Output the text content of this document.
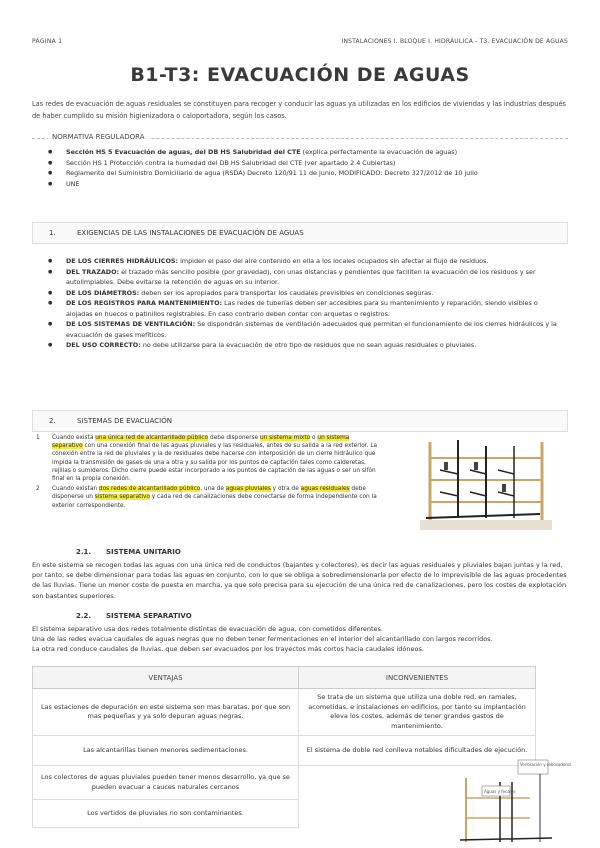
PÁGINA 1	INSTALACIONES I. BLOQUE I. HIDRÁULICA - T3. EVACUACIÓN DE AGUAS
B1-T3: EVACUACIÓN DE AGUAS
Las redes de evacuación de aguas residuales se constituyen para recoger y conducir las aguas ya utilizadas en los edificios de viviendas y las industrias después de haber cumplido su misión higienizadora o caloportadora, según los casos.
NORMATIVA REGULADORA
● Sección HS 5 Evacuación de aguas, del DB HS Salubridad del CTE (explica perfectamente la evacuación de aguas)
● Sección HS 1 Protección contra la humedad del DB HS Salubridad del CTE (ver apartado 2.4 Cubiertas)
● Reglamento del Suministro Domiciliario de agua (RSDA) Decreto 120/91 11 de junio, MODIFICADO: Decreto 327/2012 de 10 julio
● UNE
1.	EXIGENCIAS DE LAS INSTALACIONES DE EVACUACIÓN DE AGUAS
● DE LOS CIERRES HIDRÁULICOS: impiden el paso del aire contenido en ella a los locales ocupados sin afectar al flujo de residuos.
● DEL TRAZADO: el trazado más sencillo posible (por gravedad), con unas distancias y pendientes que faciliten la evacuación de los residuos y ser autolimpiables. Debe evitarse la retención de aguas en su interior.
● DE LOS DIÁMETROS: deben ser los apropiados para transportar los caudales previsibles en condiciones seguras.
● DE LOS REGISTROS PARA MANTENIMIENTO: Las redes de tuberías deben ser accesibles para su mantenimiento y reparación, siendo visibles o alojadas en huecos o patinillos registrables. En caso contrario deben contar con arquetas o registros.
● DE LOS SISTEMAS DE VENTILACIÓN: Se dispondrán sistemas de ventilación adecuados que permitan el funcionamiento de los cierres hidráulicos y la evacuación de gases mefíticos.
● DEL USO CORRECTO: no debe utilizarse para la evacuación de otro tipo de residuos que no sean aguas residuales o pluviales.
2.	SISTEMAS DE EVACUACIÓN
1 Cuando exista una única red de alcantarillado público debe disponerse un sistema mixto o un sistema separativo con una conexión final de las aguas pluviales y las residuales, antes de su salida a la red exterior. La conexión entre la red de pluviales y la de residuales debe hacerse con interposición de un cierre hidráulico que impida la transmisión de gases de una a otra y su salida por los puntos de captación tales como calderetas, rejillas o sumideros. Dicho cierre puede estar incorporado a los puntos de captación de las aguas o ser un sifón final en la propia conexión.
2 Cuando existan dos redes de alcantarillado público, una de aguas pluviales y otra de aguas residuales debe disponerse un sistema separativo y cada red de canalizaciones debe conectarse de forma independiente con la exterior correspondiente.
2.1. SISTEMA UNITARIO
En este sistema se recogen todas las aguas con una única red de conductos (bajantes y colectores), es decir las aguas residuales y pluviales bajan juntas y la red, por tanto, se debe dimensionar para todas las aguas en conjunto, con lo que se obliga a sobredimensionarla por efecto de lo imprevisible de las aguas procedentes de las lluvias. Tiene un menor coste de puesta en marcha, ya que solo precisa para su ejecución de una única red de canalizaciones, pero los costes de explotación son bastantes superiores.
2.2. SISTEMA SEPARATIVO
El sistema separativo usa dos redes totalmente distintas de evacuación de agua, con cometidos diferentes.
Una de las redes evacua caudales de aguas negras que no deben tener fermentaciones en el interior del alcantarillado con largos recorridos.
La otra red conduce caudales de lluvias, que deben ser evacuados por los trayectos más cortos hacia caudales idóneos.
VENTAJAS	INCONVENIENTES
Las estaciones de depuración en este sistema son mas baratas, por que son mas pequeñas y ya solo depuran aguas negras.	Se trata de un sistema que utiliza una doble red, en ramales, acometidas, e instalaciones en edificios, por tanto su implantación eleva los costes, además de tener grandes gastos de mantenimiento.
Las alcantarillas tienen menores sedimentaciones.	El sistema de doble red conlleva notables dificultades de ejecución.
Los colectores de aguas pluviales pueden tener menos desarrollo, ya que se pueden evacuar a cauces naturales cercanos	
Los vertidos de pluviales no son contaminantes.	
Ventilación y rebosaderos
Aguas y fecales
